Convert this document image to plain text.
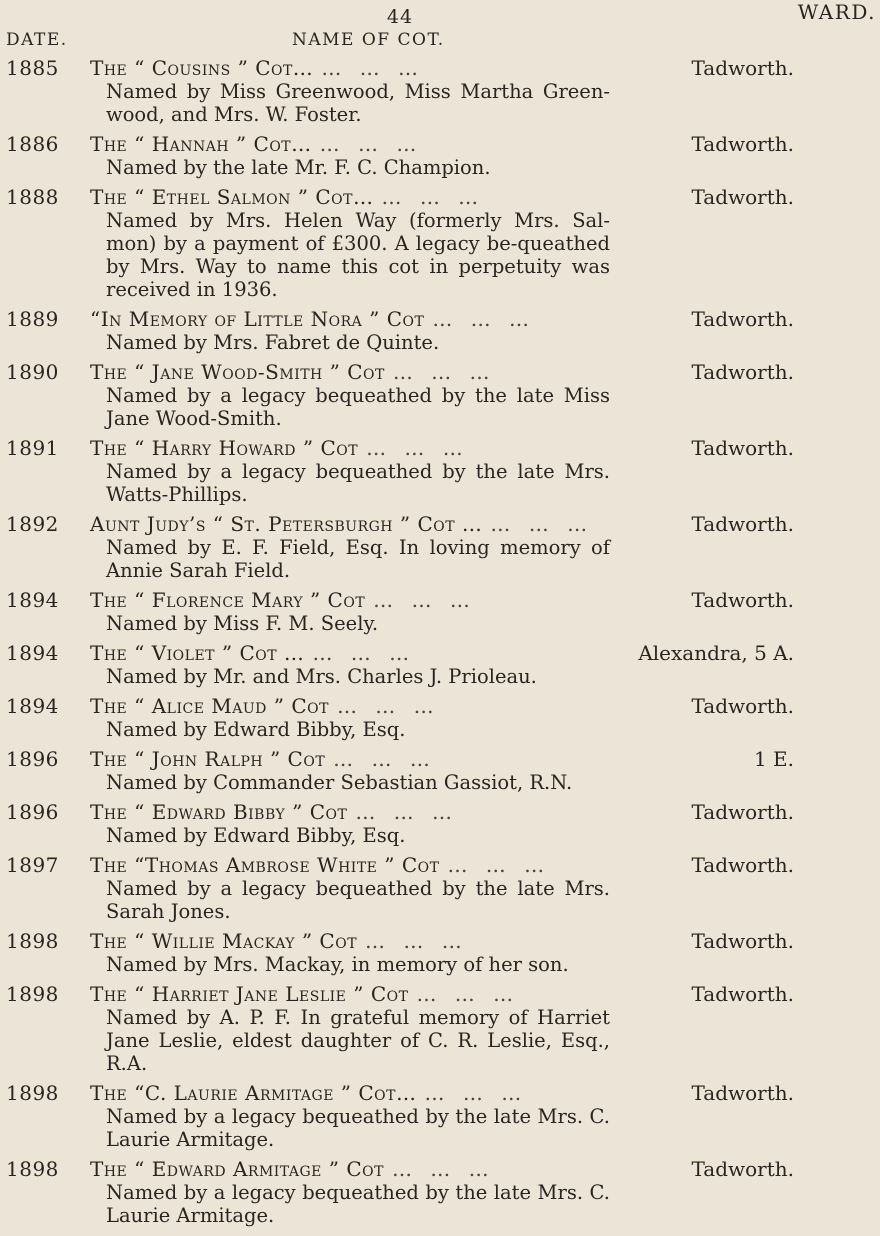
44
DATE.	NAME OF COT.
WARD.
1885 The “ Cousins ” Cot… … … …
Named by Miss Greenwood, Miss Martha Green-wood, and Mrs. W. Foster.
Tadworth.
1886 The “ Hannah ” Cot… … … …
Named by the late Mr. F. C. Champion.
Tadworth.
1888 The “ Ethel Salmon ” Cot… … … …
Named by Mrs. Helen Way (formerly Mrs. Sal-mon) by a payment of £300. A legacy be-queathed by Mrs. Way to name this cot in perpetuity was received in 1936.
Tadworth.
1889 “In Memory of Little Nora ” Cot … … …
Named by Mrs. Fabret de Quinte.
Tadworth.
1890 The “ Jane Wood-Smith ” Cot … … …
Named by a legacy bequeathed by the late Miss Jane Wood-Smith.
Tadworth.
1891 The “ Harry Howard ” Cot … … …
Named by a legacy bequeathed by the late Mrs. Watts-Phillips.
Tadworth.
1892 Aunt Judy’s “ St. Petersburgh ” Cot … … … …
Named by E. F. Field, Esq. In loving memory of Annie Sarah Field.
Tadworth.
1894 The “ Florence Mary ” Cot … … …
Named by Miss F. M. Seely.
Tadworth.
1894 The “ Violet ” Cot … … … …
Named by Mr. and Mrs. Charles J. Prioleau.
Alexandra, 5 A.
1894 The “ Alice Maud ” Cot … … …
Named by Edward Bibby, Esq.
Tadworth.
1896 The “ John Ralph ” Cot … … …
Named by Commander Sebastian Gassiot, R.N.
1 E.
1896 The “ Edward Bibby ” Cot … … …
Named by Edward Bibby, Esq.
Tadworth.
1897 The “Thomas Ambrose White ” Cot … … …
Named by a legacy bequeathed by the late Mrs. Sarah Jones.
Tadworth.
1898 The “ Willie Mackay ” Cot … … …
Named by Mrs. Mackay, in memory of her son.
Tadworth.
1898 The “ Harriet Jane Leslie ” Cot … … …
Named by A. P. F. In grateful memory of Harriet Jane Leslie, eldest daughter of C. R. Leslie, Esq., R.A.
Tadworth.
1898 The “C. Laurie Armitage ” Cot… … … …
Named by a legacy bequeathed by the late Mrs. C. Laurie Armitage.
Tadworth.
1898 The “ Edward Armitage ” Cot … … …
Named by a legacy bequeathed by the late Mrs. C. Laurie Armitage.
Tadworth.
